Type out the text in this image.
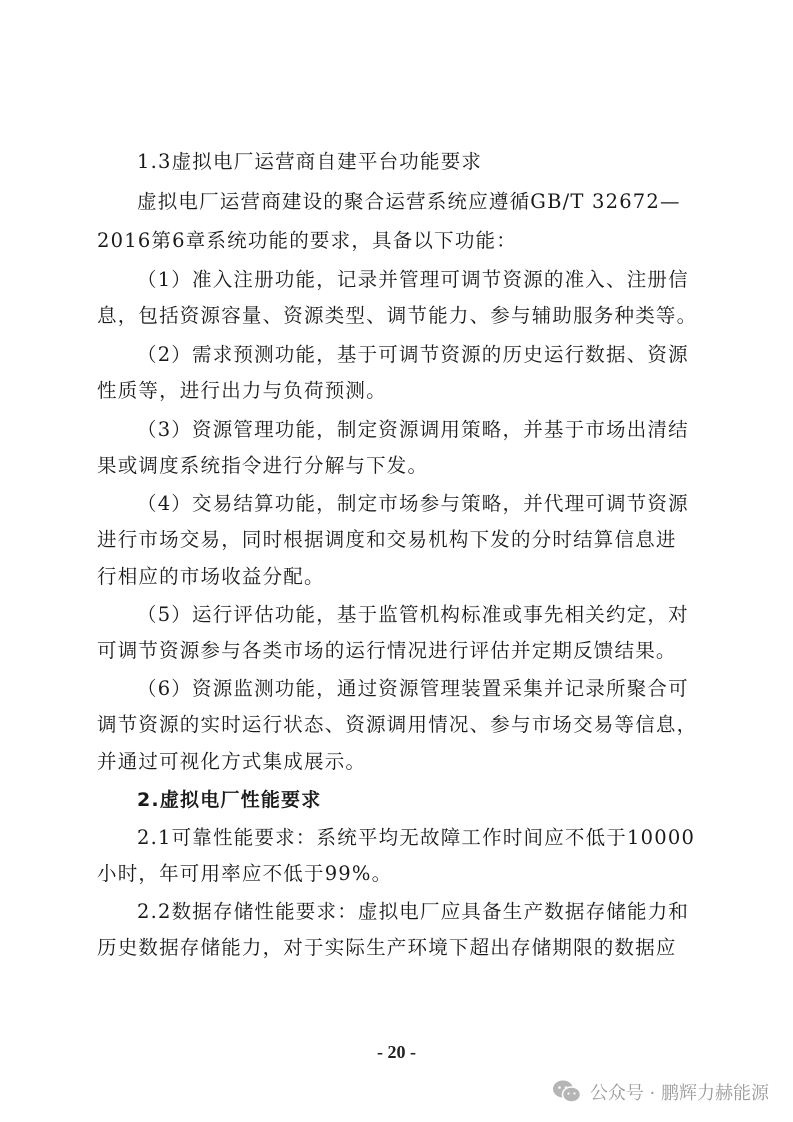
1.3虚拟电厂运营商自建平台功能要求
虚拟电厂运营商建设的聚合运营系统应遵循GB/T 32672—
2016第6章系统功能的要求，具备以下功能：
（1）准入注册功能，记录并管理可调节资源的准入、注册信
息，包括资源容量、资源类型、调节能力、参与辅助服务种类等。
（2）需求预测功能，基于可调节资源的历史运行数据、资源
性质等，进行出力与负荷预测。
（3）资源管理功能，制定资源调用策略，并基于市场出清结
果或调度系统指令进行分解与下发。
（4）交易结算功能，制定市场参与策略，并代理可调节资源
进行市场交易，同时根据调度和交易机构下发的分时结算信息进
行相应的市场收益分配。
（5）运行评估功能，基于监管机构标准或事先相关约定，对
可调节资源参与各类市场的运行情况进行评估并定期反馈结果。
（6）资源监测功能，通过资源管理装置采集并记录所聚合可
调节资源的实时运行状态、资源调用情况、参与市场交易等信息，
并通过可视化方式集成展示。
2.虚拟电厂性能要求
2.1可靠性能要求：系统平均无故障工作时间应不低于10000
小时，年可用率应不低于99%。
2.2数据存储性能要求：虚拟电厂应具备生产数据存储能力和
历史数据存储能力，对于实际生产环境下超出存储期限的数据应
- 20 -
公众号 · 鹏辉力赫能源
